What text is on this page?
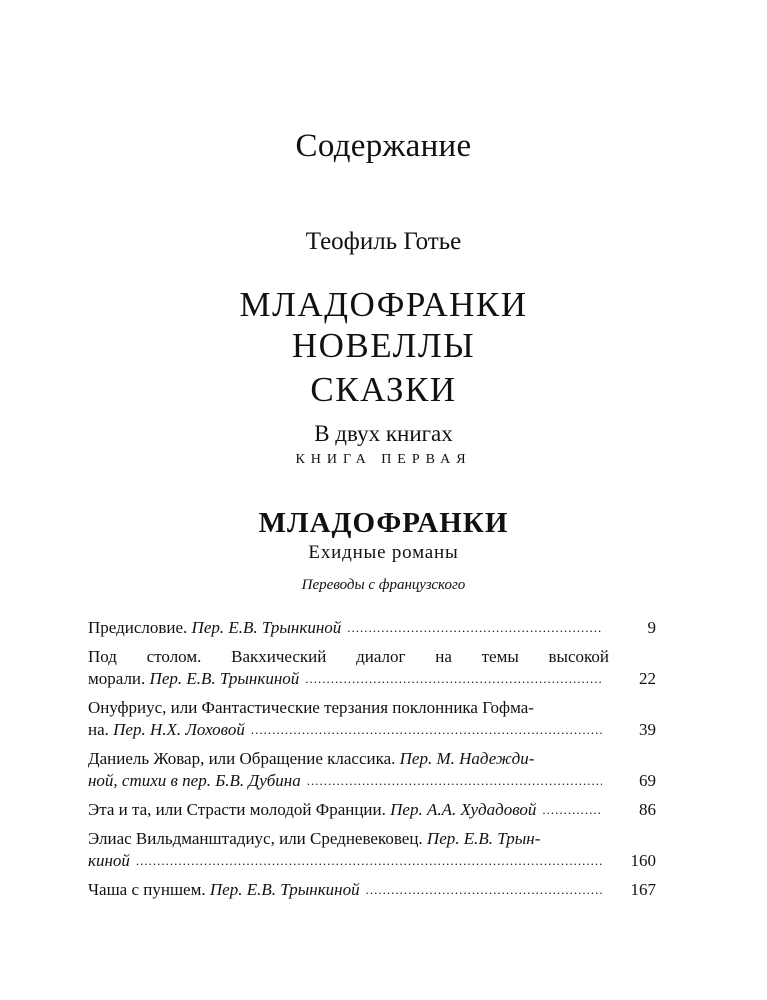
Содержание
Теофиль Готье
МЛАДОФРАНКИ
НОВЕЛЛЫ
СКАЗКИ
В двух книгах
КНИГА ПЕРВАЯ
МЛАДОФРАНКИ
Ехидные романы
Переводы с французского
Предисловие. Пер. Е.В. Трынкиной .....	9
Под столом. Вакхический диалог на темы высокой
морали. Пер. Е.В. Трынкиной .....	22
Онуфриус, или Фантастические терзания поклонника Гофма-
на. Пер. Н.Х. Лоховой .....	39
Даниель Жовар, или Обращение классика. Пер. М. Надежди-
ной, стихи в пер. Б.В. Дубина .....	69
Эта и та, или Страсти молодой Франции. Пер. А.А. Худадовой .....	86
Элиас Вильдманштадиус, или Средневековец. Пер. Е.В. Трын-
киной .....	160
Чаша с пуншем. Пер. Е.В. Трынкиной .....	167
